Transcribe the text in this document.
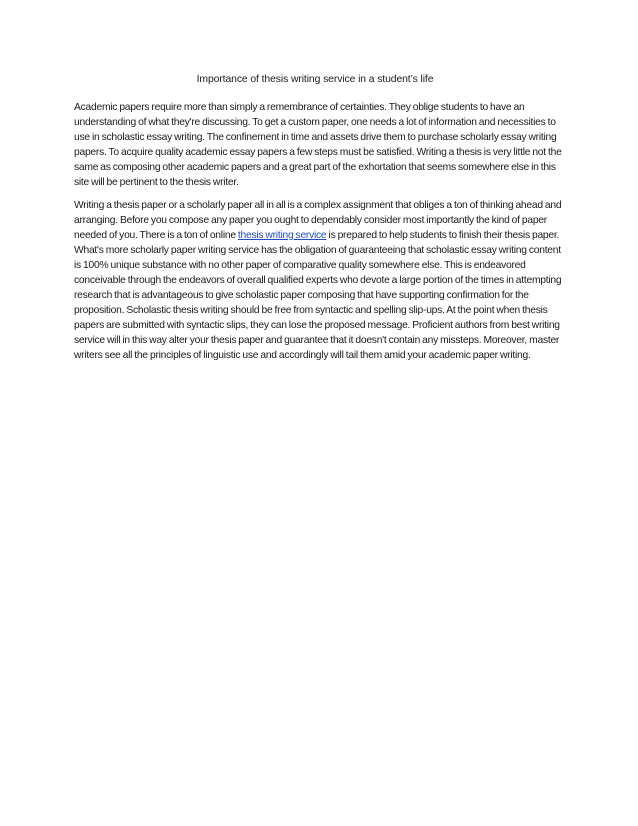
Importance of thesis writing service in a student’s life

Academic papers require more than simply a remembrance of certainties. They oblige students to have an understanding of what they're discussing. To get a custom paper, one needs a lot of information and necessities to use in scholastic essay writing. The confinement in time and assets drive them to purchase scholarly essay writing papers. To acquire quality academic essay papers a few steps must be satisfied. Writing a thesis is very little not the same as composing other academic papers and a great part of the exhortation that seems somewhere else in this site will be pertinent to the thesis writer.

Writing a thesis paper or a scholarly paper all in all is a complex assignment that obliges a ton of thinking ahead and arranging. Before you compose any paper you ought to dependably consider most importantly the kind of paper needed of you. There is a ton of online thesis writing service is prepared to help students to finish their thesis paper. What's more scholarly paper writing service has the obligation of guaranteeing that scholastic essay writing content is 100% unique substance with no other paper of comparative quality somewhere else. This is endeavored conceivable through the endeavors of overall qualified experts who devote a large portion of the times in attempting research that is advantageous to give scholastic paper composing that have supporting confirmation for the proposition. Scholastic thesis writing should be free from syntactic and spelling slip-ups. At the point when thesis papers are submitted with syntactic slips, they can lose the proposed message. Proficient authors from best writing service will in this way alter your thesis paper and guarantee that it doesn't contain any missteps. Moreover, master writers see all the principles of linguistic use and accordingly will tail them amid your academic paper writing.
